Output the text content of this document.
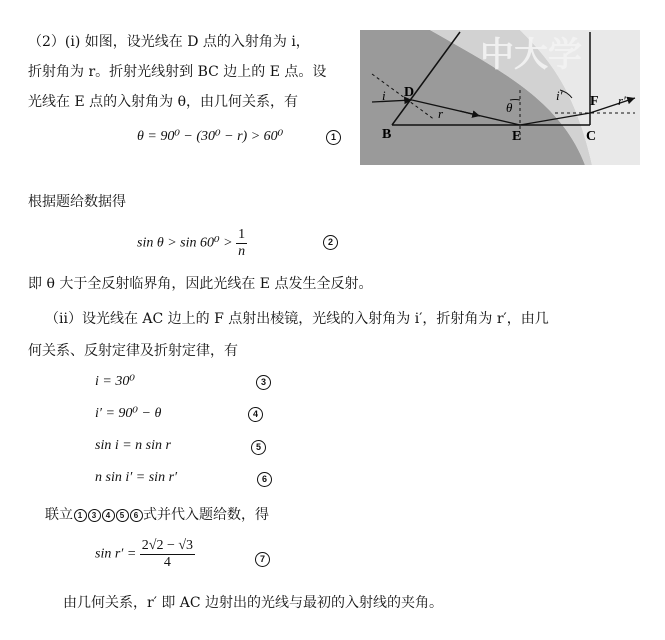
（2）(ⅰ) 如图，设光线在 D 点的入射角为 i，
折射角为 r。折射光线射到 BC 边上的 E 点。设
光线在 E 点的入射角为 θ，由几何关系，有
θ = 90⁰ − (30⁰ − r) > 60⁰	1
中大学
i D
r
B
θ
E
i′ F r′
C
根据题给数据得
$\sin \theta > \sin 60^0 > \frac{1}{n}$	2
即 θ 大于全反射临界角，因此光线在 E 点发生全反射。
（ii）设光线在 AC 边上的 F 点射出棱镜，光线的入射角为 i′，折射角为 r′，由几
何关系、反射定律及折射定律，有
i = 30⁰	3
i′ = 90⁰ − θ	4
sin i = n sin r	5
n sin i′ = sin r′	6
联立 1 3 4 5 6 式并代入题给数，得
$\sin r' = \frac{2√2 - √3}{4}$	7
由几何关系，r′ 即 AC 边射出的光线与最初的入射线的夹角。
